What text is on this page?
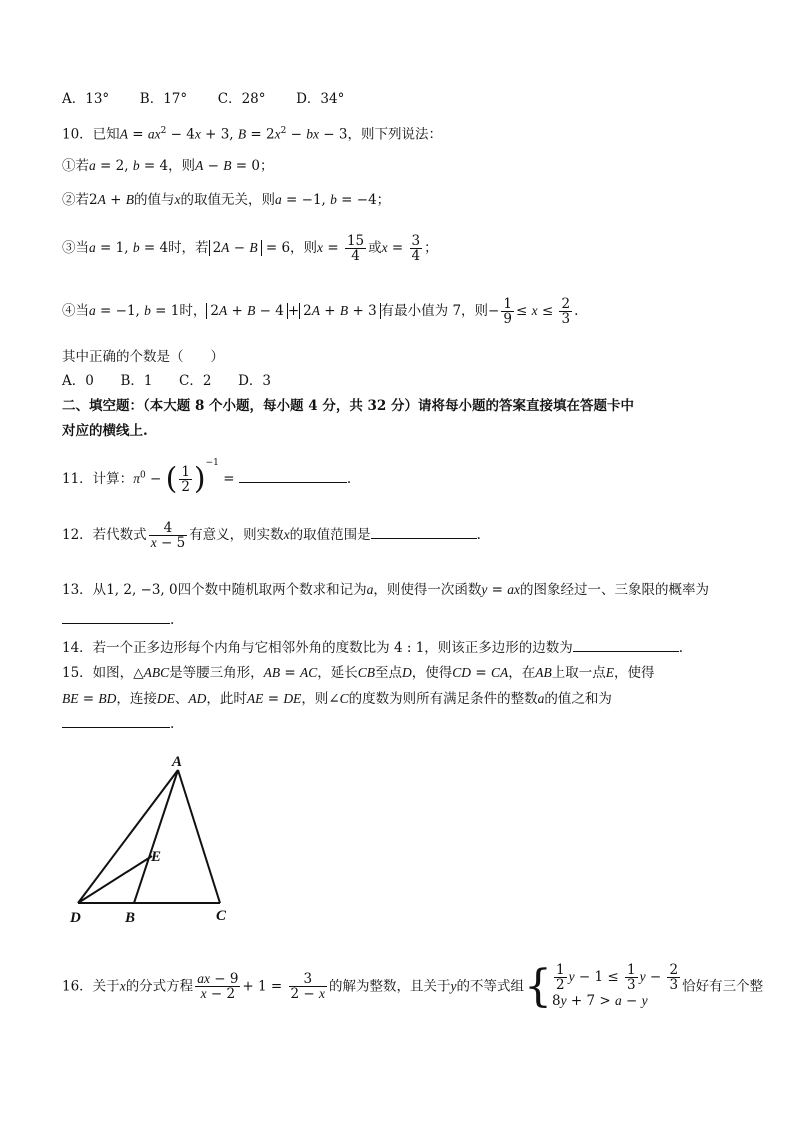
A．13° B．17° C．28° D．34°
10．已知$A = ax^2 - 4x + 3$, $B = 2x^2$ − bx − 3，则下列说法：
①若a = 2, b = 4，则A − B = 0；
②若2A + B的值与x的取值无关，则a = −1, b = −4；
③当a = 1, b = 4时，若 2A − B = 6，则$x = \frac{15}{4}$ 或$x = \frac{3}{4}$ ；
④当a = −1, b = 1时， 2A + B − 4 + 2A + B + 3 有最小值为 7，则− $\frac{1}{9} \le x \le \frac{2}{3}$ .
其中正确的个数是（　　）
A．0 B．1 C．2 D．3
二、填空题：（本大题 8 个小题，每小题 4 分，共 32 分）请将每小题的答案直接填在答题卡中
对应的横线上.
11．计算：$\pi^0$ − ( $\frac{1}{2} )^{-1}$ =	.
12．若代数式 $\frac{4}{x - 5}$ 有意义，则实数x的取值范围是	.
13．从1, 2, −3, 0四个数中随机取两个数求和记为a，则使得一次函数y = ax的图象经过一、三象限的概率为
.
14．若一个正多边形每个内角与它相邻外角的度数比为 4 : 1，则该正多边形的边数为	.
15．如图，△ABC是等腰三角形，AB = AC，延长CB至点D，使得CD = CA，在AB上取一点E，使得
BE = BD，连接DE、AD，此时AE = DE，则∠C的度数为则所有满足条件的整数a的值之和为
.
A
E
D	B	C
16．关于x的分式方程 $\frac{ax - 9}{x - 2} + 1 = \frac{3}{2 - x}$ 的解为整数，且关于y的不等式组{ $\frac{1}{2}$ $y - 1 \le \frac{1}{3}$ $y - \frac{2}{3}$
8y + 7 > a − y
恰好有三个整
